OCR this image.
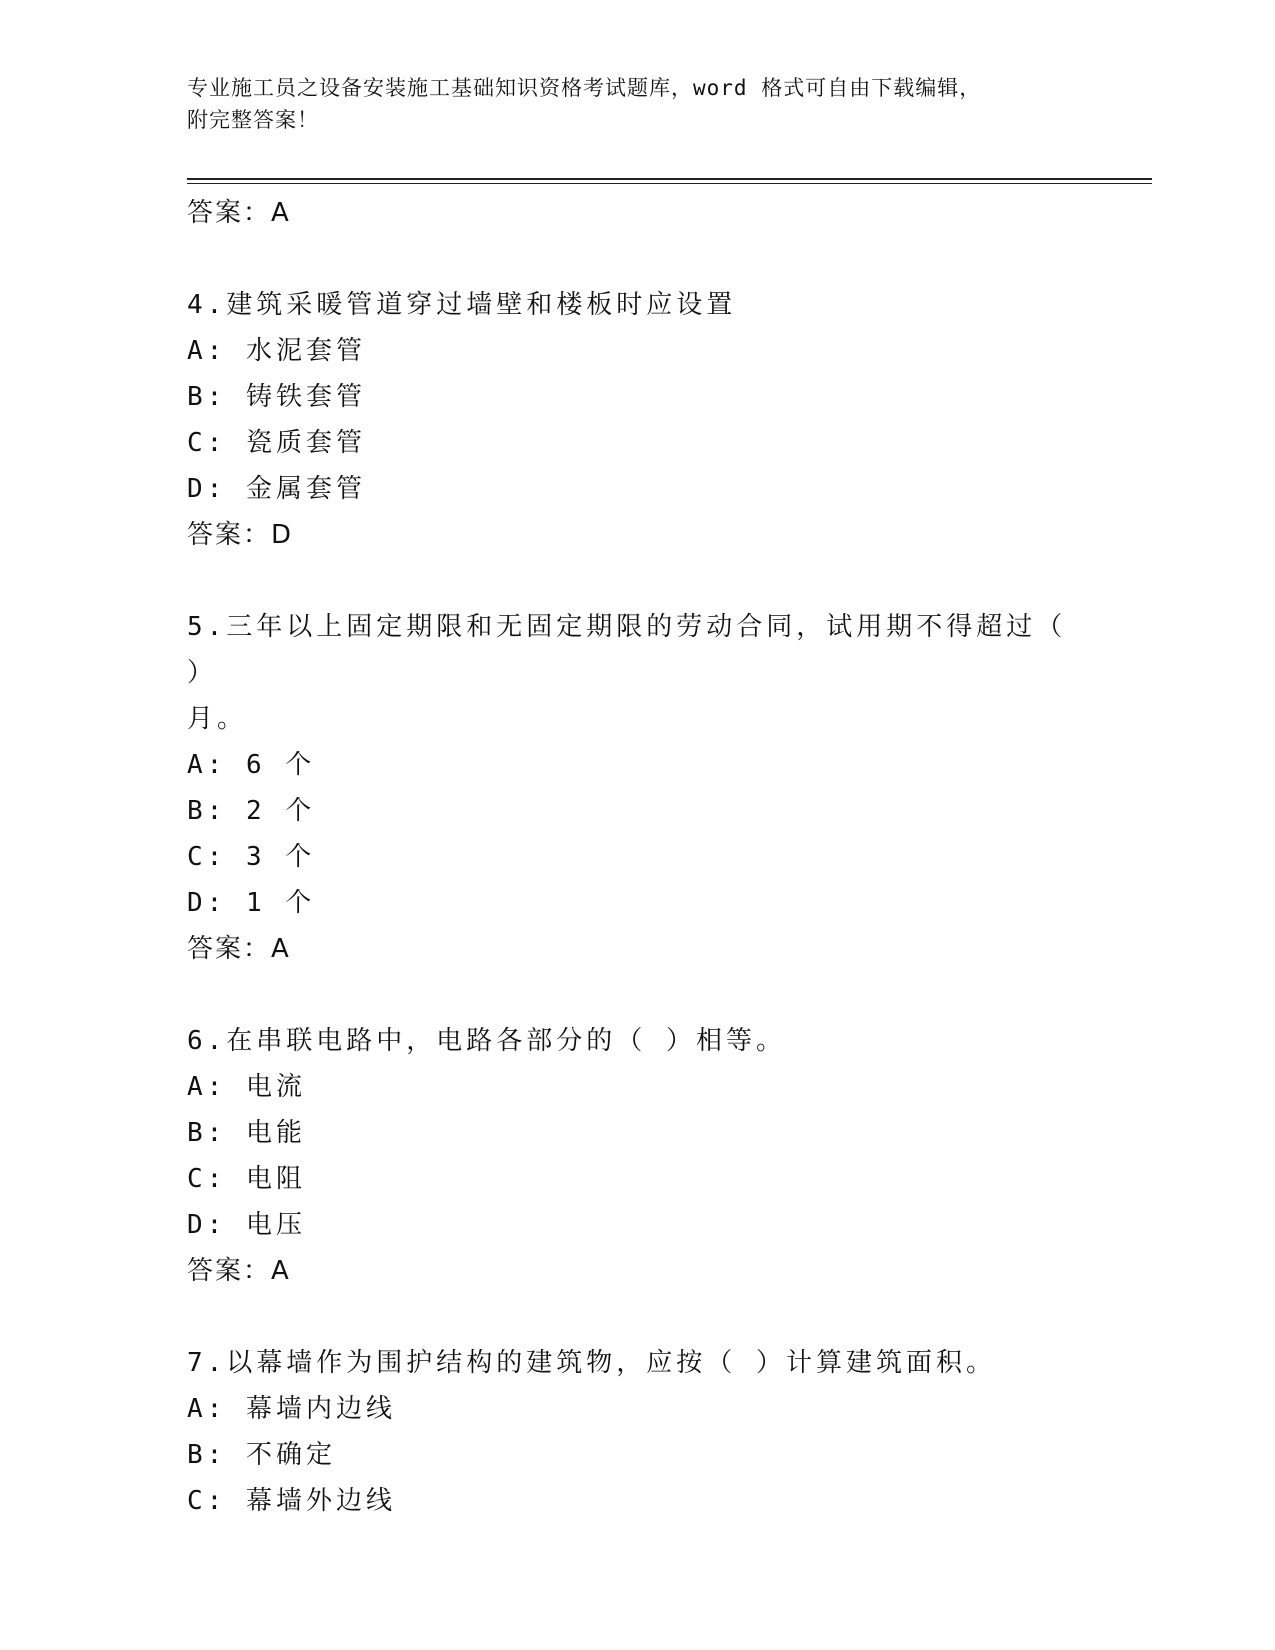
专业施工员之设备安装施工基础知识资格考试题库，word 格式可自由下载编辑，
附完整答案！
答案：A
4.建筑采暖管道穿过墙壁和楼板时应设置
A: 水泥套管
B: 铸铁套管
C: 瓷质套管
D: 金属套管
答案：D
5.三年以上固定期限和无固定期限的劳动合同，试用期不得超过（ ）
月。
A: 6 个
B: 2 个
C: 3 个
D: 1 个
答案：A
6.在串联电路中，电路各部分的（ ）相等。
A: 电流
B: 电能
C: 电阻
D: 电压
答案：A
7.以幕墙作为围护结构的建筑物，应按（ ）计算建筑面积。
A: 幕墙内边线
B: 不确定
C: 幕墙外边线
